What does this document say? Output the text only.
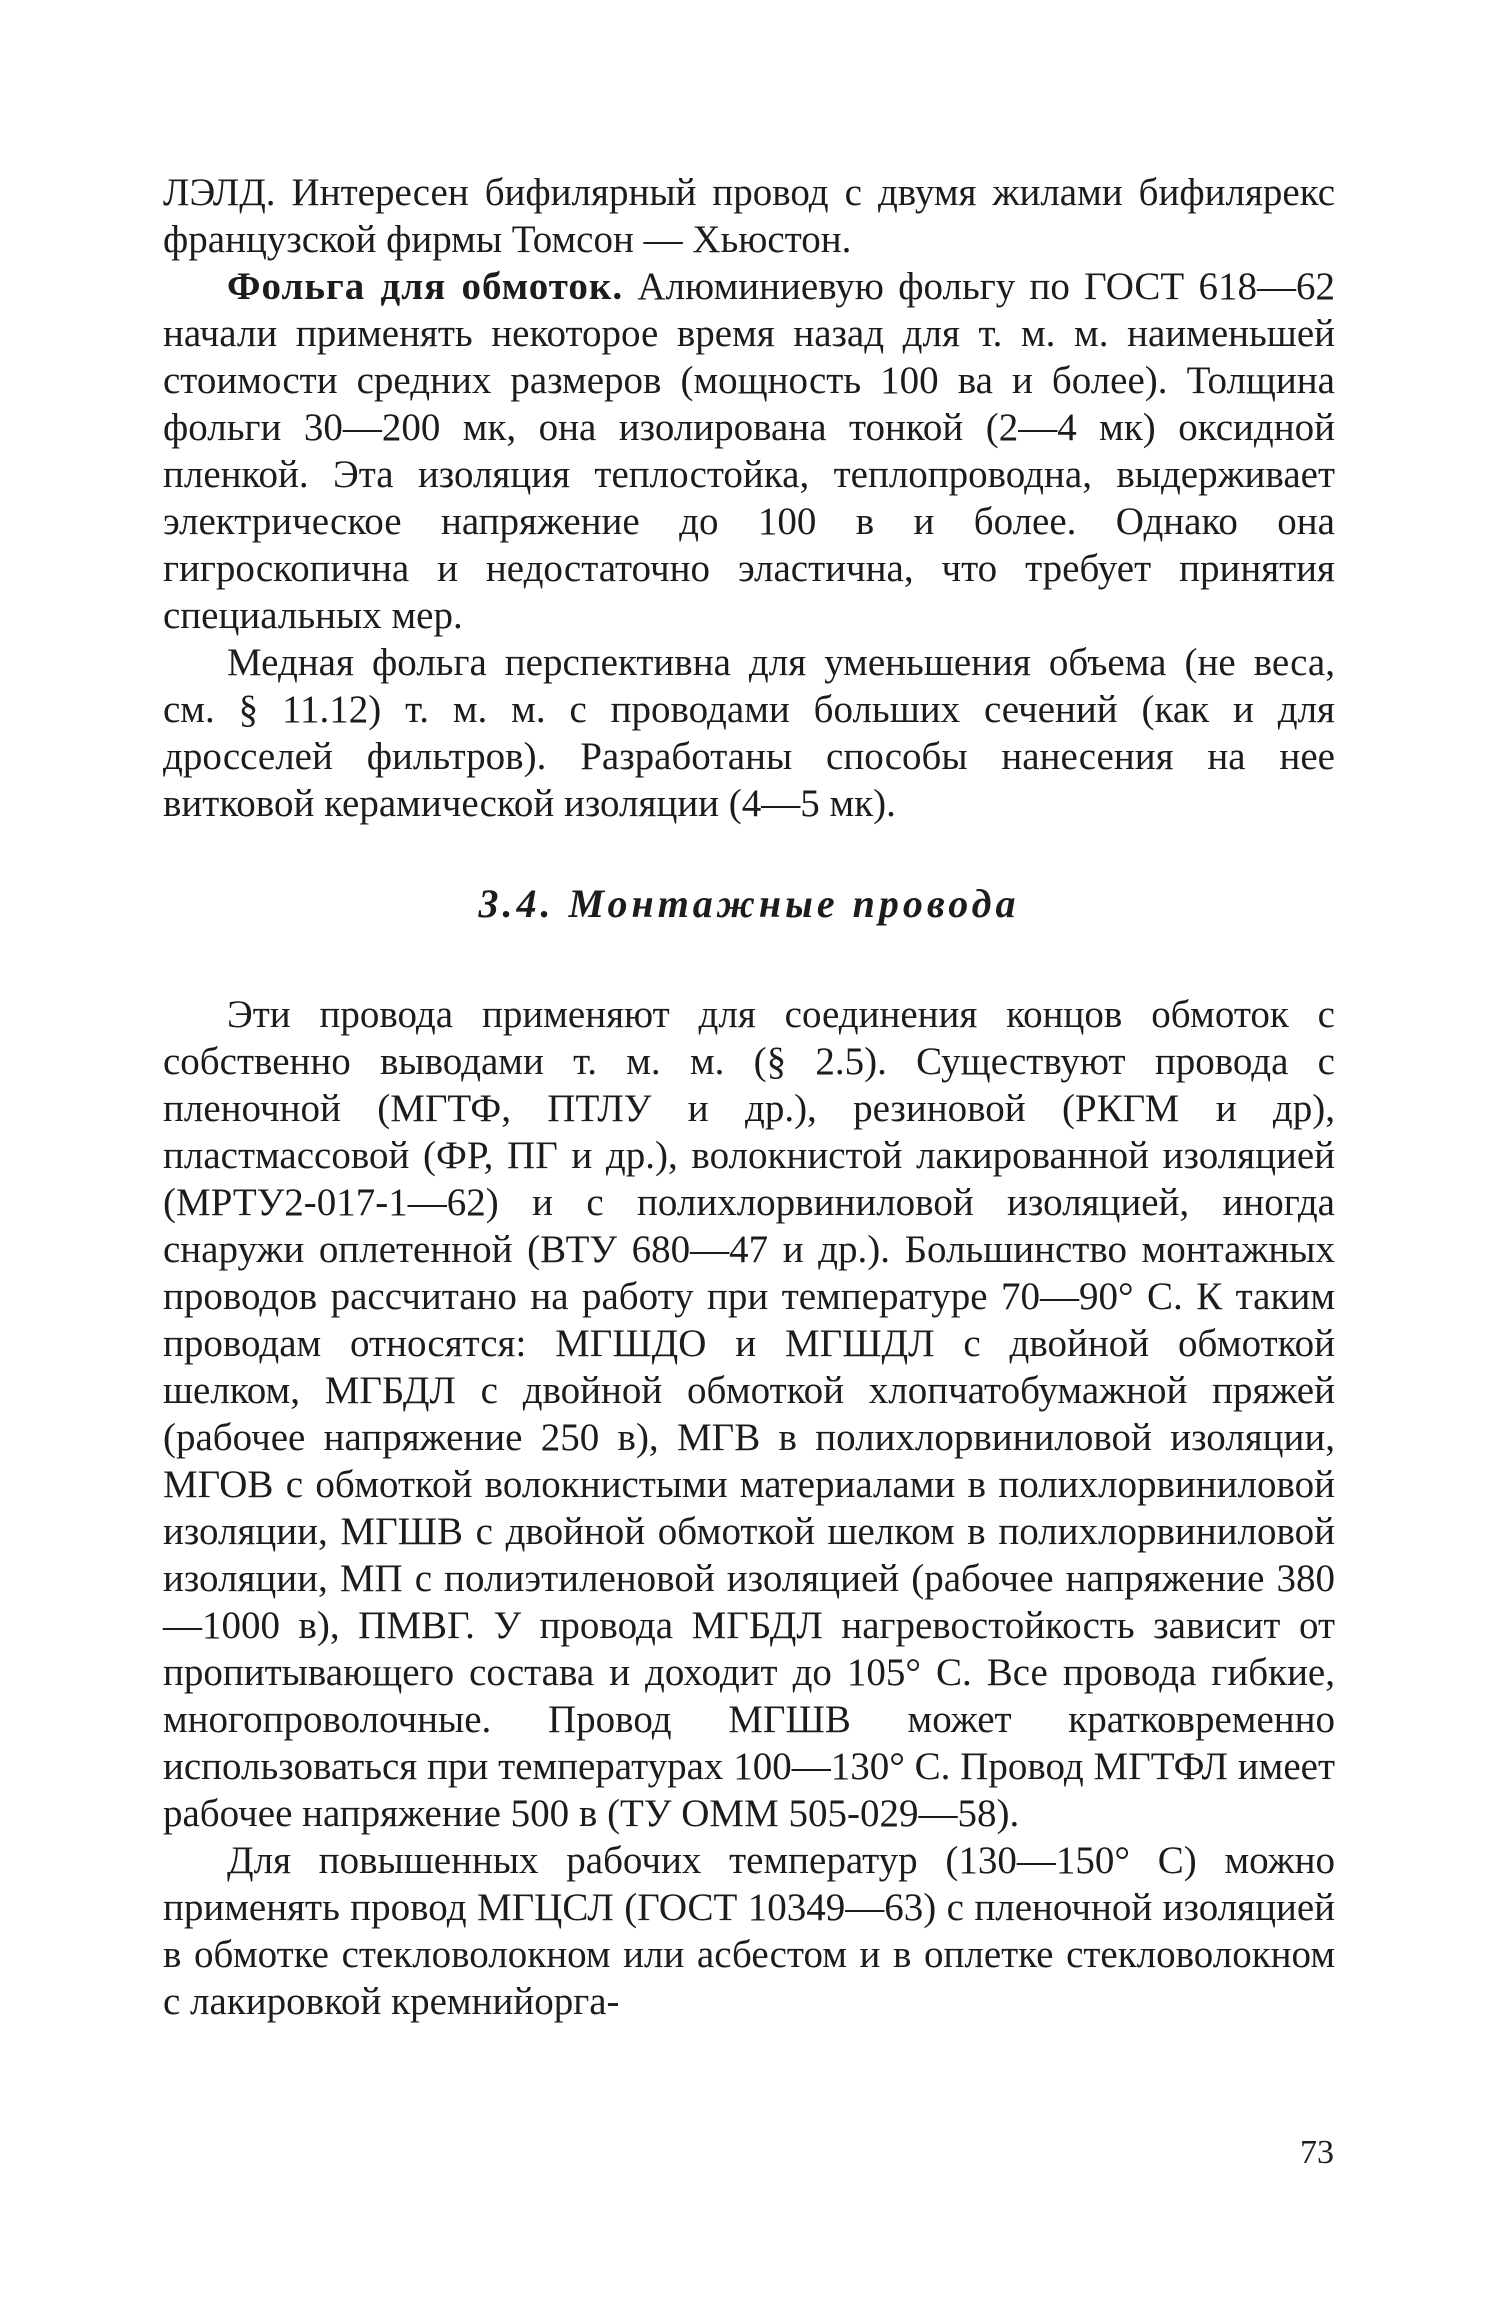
ЛЭЛД. Интересен бифилярный провод с двумя жилами бифилярекс французской фирмы Томсон — Хьюстон.

Фольга для обмоток. Алюминиевую фольгу по ГОСТ 618—62 начали применять некоторое время назад для т. м. м. наименьшей стоимости средних размеров (мощность 100 ва и более). Толщина фольги 30—200 мк, она изолирована тонкой (2—4 мк) оксидной пленкой. Эта изоляция теплостойка, теплопроводна, выдерживает электрическое напряжение до 100 в и более. Однако она гигроскопична и недостаточно эластична, что требует принятия специальных мер.

Медная фольга перспективна для уменьшения объема (не веса, см. § 11.12) т. м. м. с проводами больших сечений (как и для дросселей фильтров). Разработаны способы нанесения на нее витковой керамической изоляции (4—5 мк).

3.4. Монтажные провода

Эти провода применяют для соединения концов обмоток с собственно выводами т. м. м. (§ 2.5). Существуют провода с пленочной (МГТФ, ПТЛУ и др.), резиновой (РКГМ и др), пластмассовой (ФР, ПГ и др.), волокнистой лакированной изоляцией (МРТУ2-017-1—62) и с полихлорвиниловой изоляцией, иногда снаружи оплетенной (ВТУ 680—47 и др.). Большинство монтажных проводов рассчитано на работу при температуре 70—90° С. К таким проводам относятся: МГШДО и МГШДЛ с двойной обмоткой шелком, МГБДЛ с двойной обмоткой хлопчатобумажной пряжей (рабочее напряжение 250 в), МГВ в полихлорвиниловой изоляции, МГОВ с обмоткой волокнистыми материалами в полихлорвиниловой изоляции, МГШВ с двойной обмоткой шелком в полихлорвиниловой изоляции, МП с полиэтиленовой изоляцией (рабочее напряжение 380—1000 в), ПМВГ. У провода МГБДЛ нагревостойкость зависит от пропитывающего состава и доходит до 105° С. Все провода гибкие, многопроволочные. Провод МГШВ может кратковременно использоваться при температурах 100—130° С. Провод МГТФЛ имеет рабочее напряжение 500 в (ТУ ОММ 505-029—58).

Для повышенных рабочих температур (130—150° С) можно применять провод МГЦСЛ (ГОСТ 10349—63) с пленочной изоляцией в обмотке стекловолокном или асбестом и в оплетке стекловолокном с лакировкой кремнийорга-

73
